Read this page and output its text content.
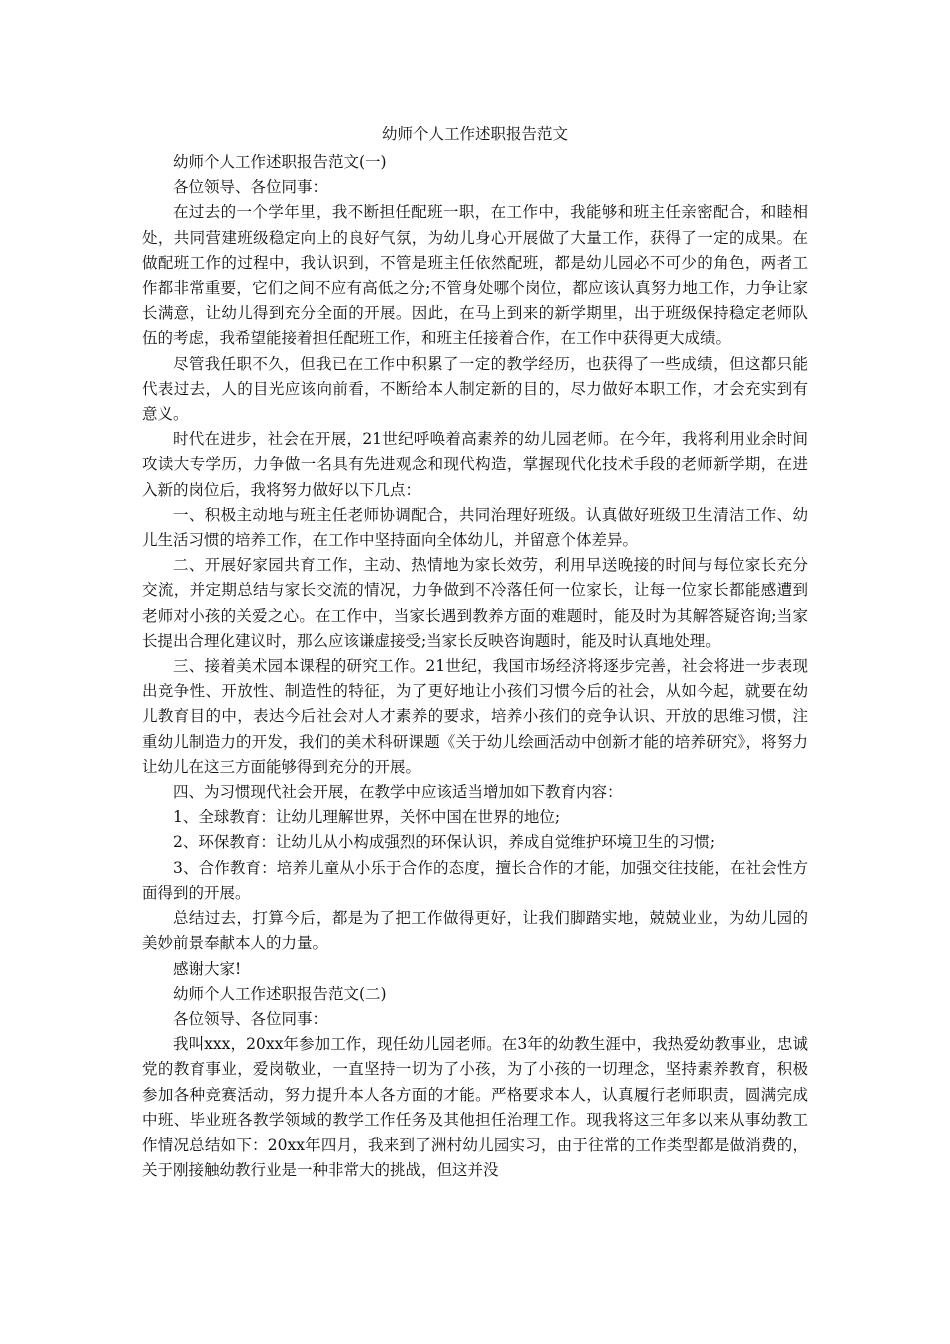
幼师个人工作述职报告范文

幼师个人工作述职报告范文(一)

各位领导、各位同事：

在过去的一个学年里，我不断担任配班一职，在工作中，我能够和班主任亲密配合，和睦相处，共同营建班级稳定向上的良好气氛，为幼儿身心开展做了大量工作，获得了一定的成果。在做配班工作的过程中，我认识到，不管是班主任依然配班，都是幼儿园必不可少的角色，两者工作都非常重要，它们之间不应有高低之分;不管身处哪个岗位，都应该认真努力地工作，力争让家长满意，让幼儿得到充分全面的开展。因此，在马上到来的新学期里，出于班级保持稳定老师队伍的考虑，我希望能接着担任配班工作，和班主任接着合作，在工作中获得更大成绩。

尽管我任职不久，但我已在工作中积累了一定的教学经历，也获得了一些成绩，但这都只能代表过去，人的目光应该向前看，不断给本人制定新的目的，尽力做好本职工作，才会充实到有意义。

时代在进步，社会在开展，21世纪呼唤着高素养的幼儿园老师。在今年，我将利用业余时间攻读大专学历，力争做一名具有先进观念和现代构造，掌握现代化技术手段的老师新学期，在进入新的岗位后，我将努力做好以下几点：

一、积极主动地与班主任老师协调配合，共同治理好班级。认真做好班级卫生清洁工作、幼儿生活习惯的培养工作，在工作中坚持面向全体幼儿，并留意个体差异。

二、开展好家园共育工作，主动、热情地为家长效劳，利用早送晚接的时间与每位家长充分交流，并定期总结与家长交流的情况，力争做到不冷落任何一位家长，让每一位家长都能感遭到老师对小孩的关爱之心。在工作中，当家长遇到教养方面的难题时，能及时为其解答疑咨询;当家长提出合理化建议时，那么应该谦虚接受;当家长反映咨询题时，能及时认真地处理。

三、接着美术园本课程的研究工作。21世纪，我国市场经济将逐步完善，社会将进一步表现出竞争性、开放性、制造性的特征，为了更好地让小孩们习惯今后的社会，从如今起，就要在幼儿教育目的中，表达今后社会对人才素养的要求，培养小孩们的竞争认识、开放的思维习惯，注重幼儿制造力的开发，我们的美术科研课题《关于幼儿绘画活动中创新才能的培养研究》，将努力让幼儿在这三方面能够得到充分的开展。

四、为习惯现代社会开展，在教学中应该适当增加如下教育内容：

1、全球教育：让幼儿理解世界，关怀中国在世界的地位;

2、环保教育：让幼儿从小构成强烈的环保认识，养成自觉维护环境卫生的习惯;

3、合作教育：培养儿童从小乐于合作的态度，擅长合作的才能，加强交往技能，在社会性方面得到的开展。

总结过去，打算今后，都是为了把工作做得更好，让我们脚踏实地，兢兢业业，为幼儿园的美妙前景奉献本人的力量。

感谢大家!

幼师个人工作述职报告范文(二)

各位领导、各位同事：

我叫xxx，20xx年参加工作，现任幼儿园老师。在3年的幼教生涯中，我热爱幼教事业，忠诚党的教育事业，爱岗敬业，一直坚持一切为了小孩，为了小孩的一切理念，坚持素养教育，积极参加各种竞赛活动，努力提升本人各方面的才能。严格要求本人，认真履行老师职责，圆满完成中班、毕业班各教学领域的教学工作任务及其他担任治理工作。现我将这三年多以来从事幼教工作情况总结如下：20xx年四月，我来到了洲村幼儿园实习，由于往常的工作类型都是做消费的，关于刚接触幼教行业是一种非常大的挑战，但这并没
